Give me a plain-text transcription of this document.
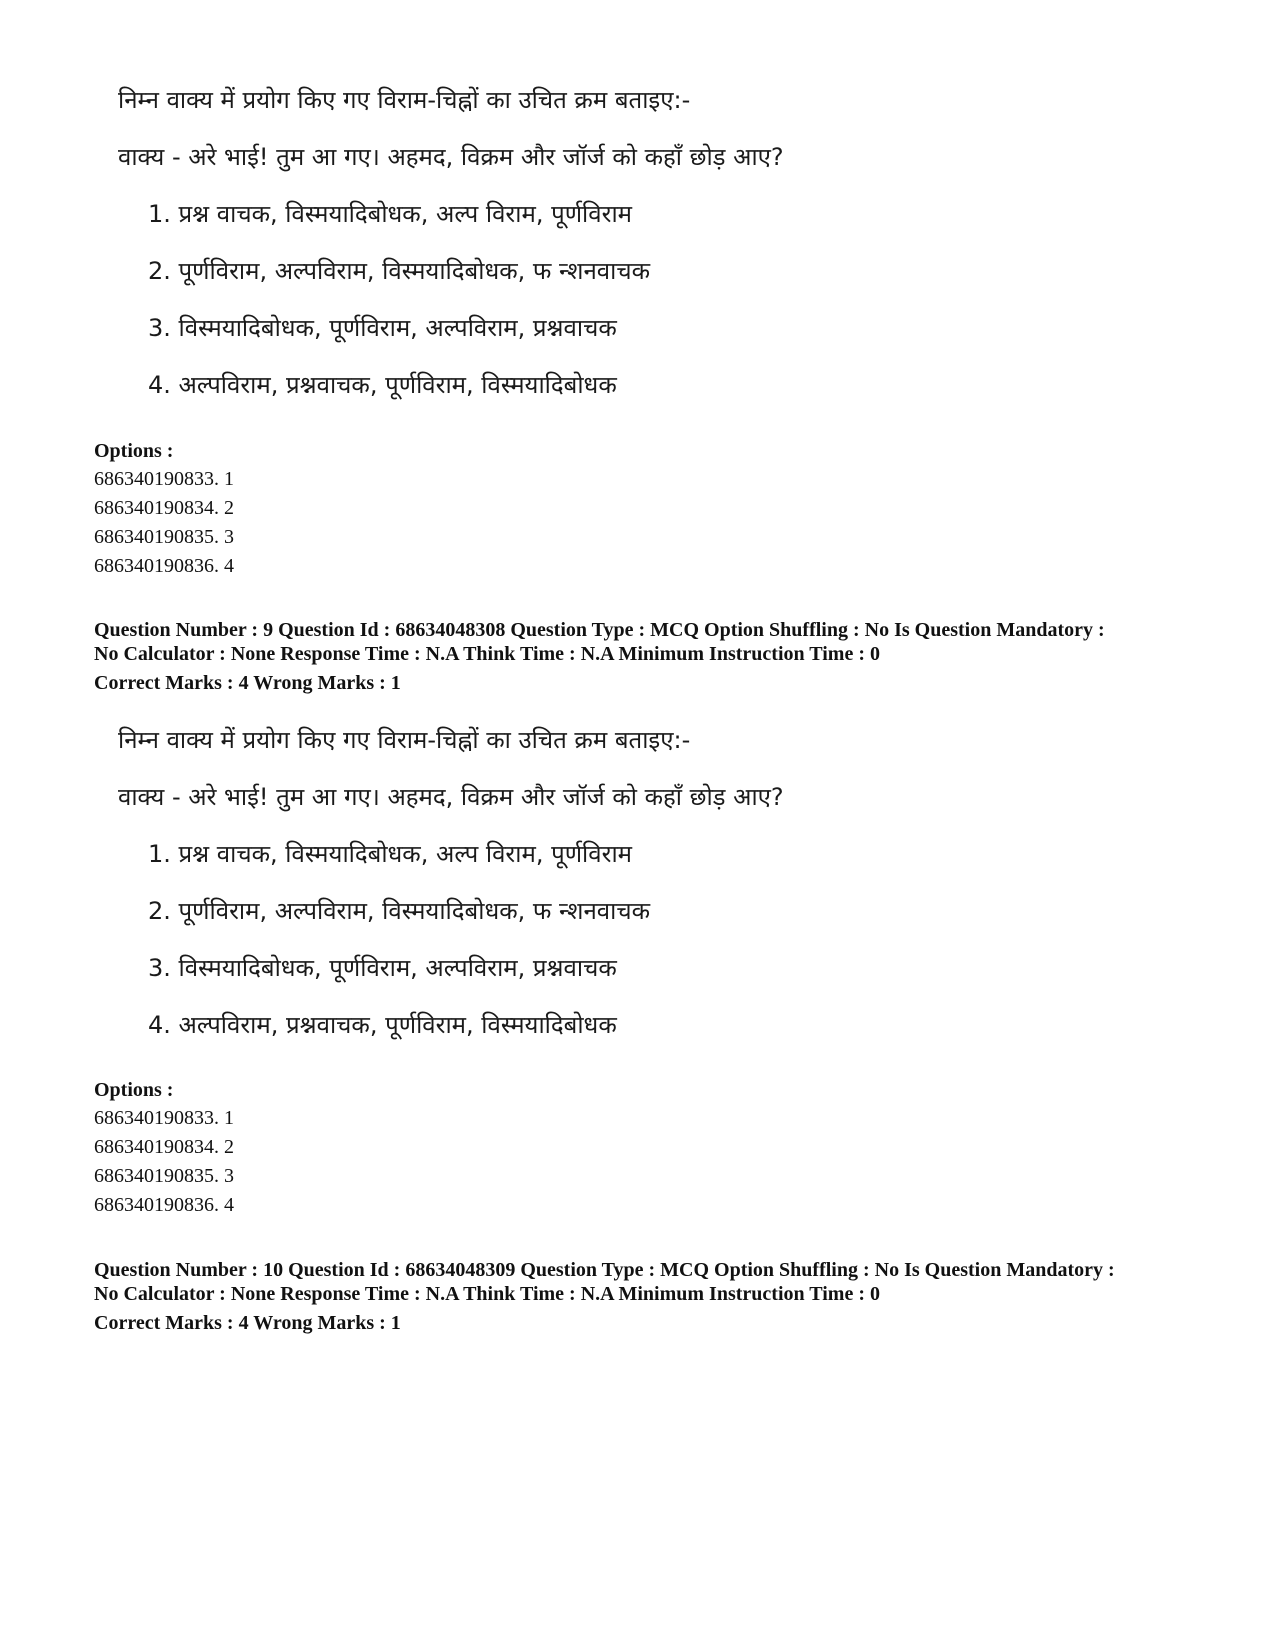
निम्न वाक्य में प्रयोग किए गए विराम-चिह्नों का उचित क्रम बताइए:-
वाक्य - अरे भाई! तुम आ गए। अहमद, विक्रम और जॉर्ज को कहाँ छोड़ आए?
1. प्रश्न वाचक, विस्मयादिबोधक, अल्प विराम, पूर्णविराम
2. पूर्णविराम, अल्पविराम, विस्मयादिबोधक, फ न्शनवाचक
3. विस्मयादिबोधक, पूर्णविराम, अल्पविराम, प्रश्नवाचक
4. अल्पविराम, प्रश्नवाचक, पूर्णविराम, विस्मयादिबोधक
Options :
686340190833. 1
686340190834. 2
686340190835. 3
686340190836. 4
Question Number : 9 Question Id : 68634048308 Question Type : MCQ Option Shuffling : No Is Question Mandatory :
No Calculator : None Response Time : N.A Think Time : N.A Minimum Instruction Time : 0
Correct Marks : 4 Wrong Marks : 1
निम्न वाक्य में प्रयोग किए गए विराम-चिह्नों का उचित क्रम बताइए:-
वाक्य - अरे भाई! तुम आ गए। अहमद, विक्रम और जॉर्ज को कहाँ छोड़ आए?
1. प्रश्न वाचक, विस्मयादिबोधक, अल्प विराम, पूर्णविराम
2. पूर्णविराम, अल्पविराम, विस्मयादिबोधक, फ न्शनवाचक
3. विस्मयादिबोधक, पूर्णविराम, अल्पविराम, प्रश्नवाचक
4. अल्पविराम, प्रश्नवाचक, पूर्णविराम, विस्मयादिबोधक
Options :
686340190833. 1
686340190834. 2
686340190835. 3
686340190836. 4
Question Number : 10 Question Id : 68634048309 Question Type : MCQ Option Shuffling : No Is Question Mandatory :
No Calculator : None Response Time : N.A Think Time : N.A Minimum Instruction Time : 0
Correct Marks : 4 Wrong Marks : 1
